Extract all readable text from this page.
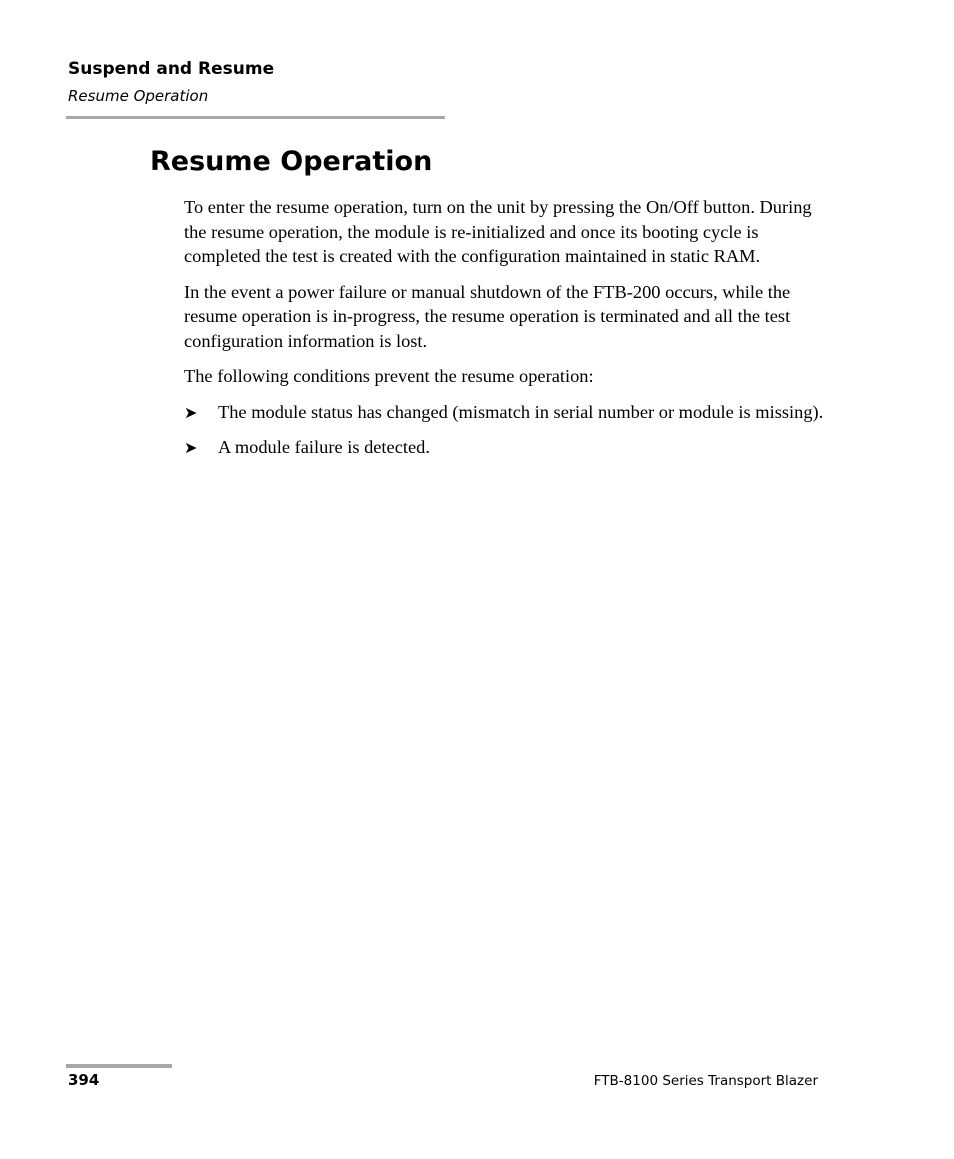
Suspend and Resume

Resume Operation

Resume Operation

To enter the resume operation, turn on the unit by pressing the On/Off button. During the resume operation, the module is re-initialized and once its booting cycle is completed the test is created with the configuration maintained in static RAM.

In the event a power failure or manual shutdown of the FTB-200 occurs, while the resume operation is in-progress, the resume operation is terminated and all the test configuration information is lost.

The following conditions prevent the resume operation:

➤ The module status has changed (mismatch in serial number or module is missing).
➤ A module failure is detected.
394	FTB-8100 Series Transport Blazer
